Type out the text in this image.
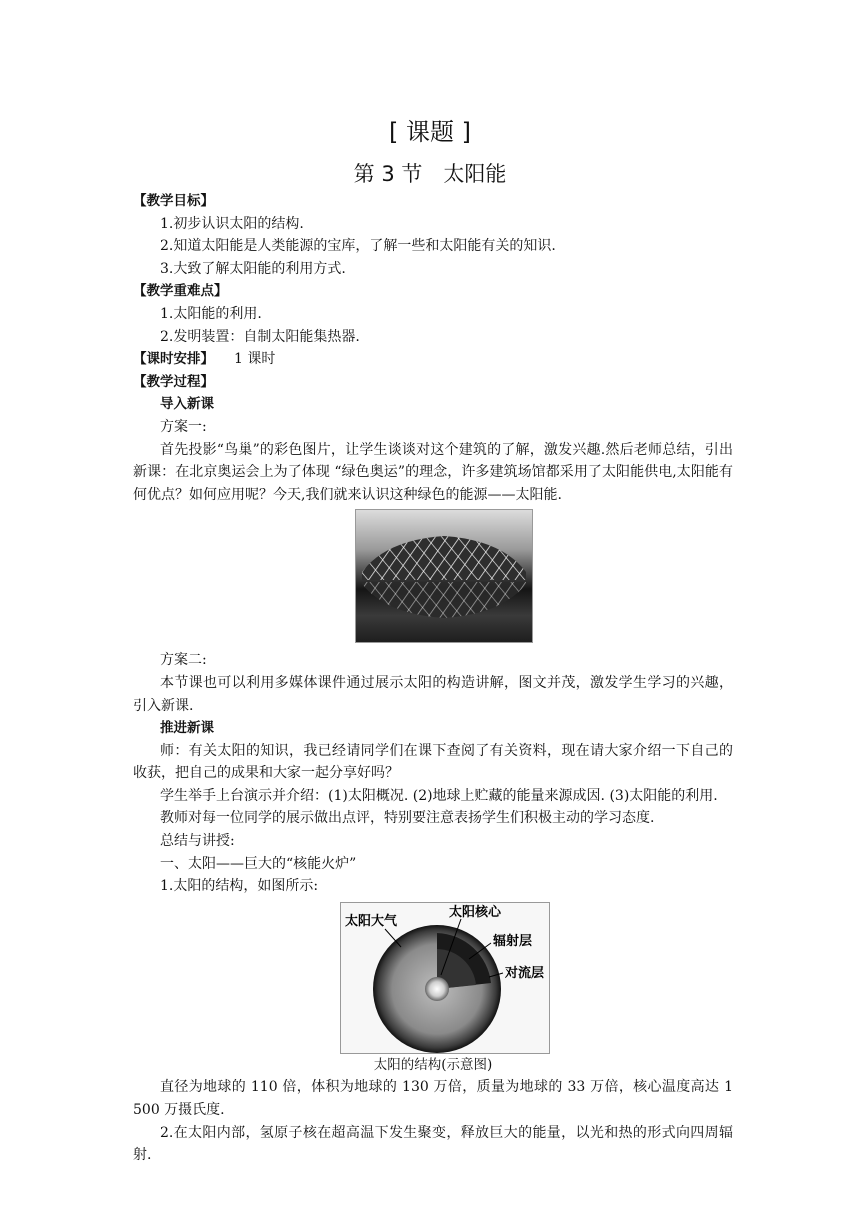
[ 课题 ]
第 3 节　太阳能

【教学目标】

1.初步认识太阳的结构.

2.知道太阳能是人类能源的宝库，了解一些和太阳能有关的知识.

3.大致了解太阳能的利用方式.

【教学重难点】

1.太阳能的利用.

2.发明装置：自制太阳能集热器.

【课时安排】 1 课时

【教学过程】

导入新课

方案一:

首先投影“鸟巢”的彩色图片，让学生谈谈对这个建筑的了解，激发兴趣.然后老师总结，引出新课：在北京奥运会上为了体现 “绿色奥运”的理念，许多建筑场馆都采用了太阳能供电,太阳能有何优点？如何应用呢？今天,我们就来认识这种绿色的能源——太阳能.

方案二:

本节课也可以利用多媒体课件通过展示太阳的构造讲解，图文并茂，激发学生学习的兴趣，引入新课.

推进新课

师：有关太阳的知识，我已经请同学们在课下查阅了有关资料，现在请大家介绍一下自己的收获，把自己的成果和大家一起分享好吗？

学生举手上台演示并介绍：(1)太阳概况. (2)地球上贮藏的能量来源成因. (3)太阳能的利用.

教师对每一位同学的展示做出点评，特别要注意表扬学生们积极主动的学习态度.

总结与讲授:

一、太阳——巨大的“核能火炉”

1.太阳的结构，如图所示:

太阳大气
太阳核心
辐射层
对流层

太阳的结构(示意图)

直径为地球的 110 倍，体积为地球的 130 万倍，质量为地球的 33 万倍，核心温度高达 1 500 万摄氏度.

2.在太阳内部，氢原子核在超高温下发生聚变，释放巨大的能量，以光和热的形式向四周辐射.
